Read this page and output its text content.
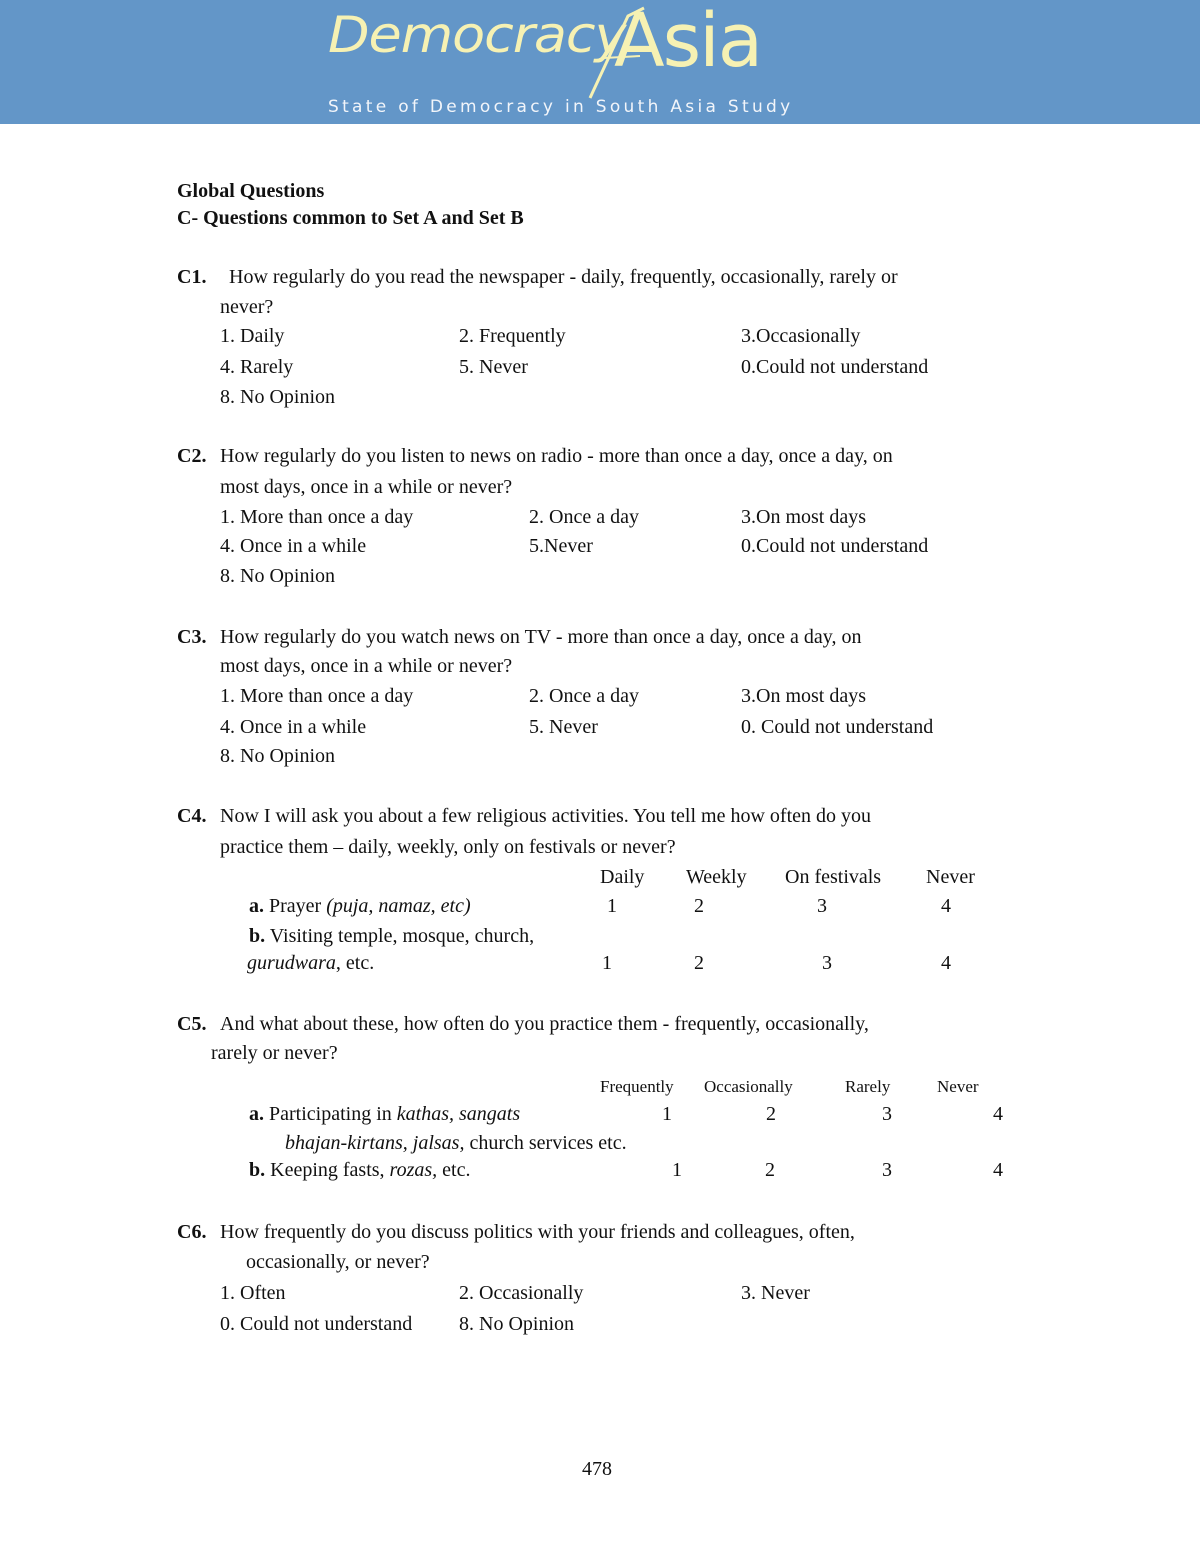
Democracy
Asia
State of Democracy in South Asia Study
Global Questions
C- Questions common to Set A and Set B
C1. How regularly do you read the newspaper - daily, frequently, occasionally, rarely or
never?
1. Daily	2. Frequently	3.Occasionally
4. Rarely	5. Never	0.Could not understand
8. No Opinion
C2. How regularly do you listen to news on radio - more than once a day, once a day, on
most days, once in a while or never?
1. More than once a day	2. Once a day	3.On most days
4. Once in a while	5.Never	0.Could not understand
8. No Opinion
C3. How regularly do you watch news on TV - more than once a day, once a day, on
most days, once in a while or never?
1. More than once a day	2. Once a day	3.On most days
4. Once in a while	5. Never	0. Could not understand
8. No Opinion
C4. Now I will ask you about a few religious activities. You tell me how often do you
practice them – daily, weekly, only on festivals or never?
Daily Weekly On festivals Never
a. Prayer (puja, namaz, etc)	1	2	3	4
b. Visiting temple, mosque, church,
gurudwara, etc.	1	2	3	4
C5. And what about these, how often do you practice them - frequently, occasionally,
rarely or never?
Frequently Occasionally	Rarely	Never
a. Participating in kathas, sangats	1	2	3	4
bhajan-kirtans, jalsas, church services etc.
b. Keeping fasts, rozas, etc.	1	2	3	4
C6. How frequently do you discuss politics with your friends and colleagues, often,
occasionally, or never?
1. Often	2. Occasionally	3. Never
0. Could not understand 8. No Opinion
478
